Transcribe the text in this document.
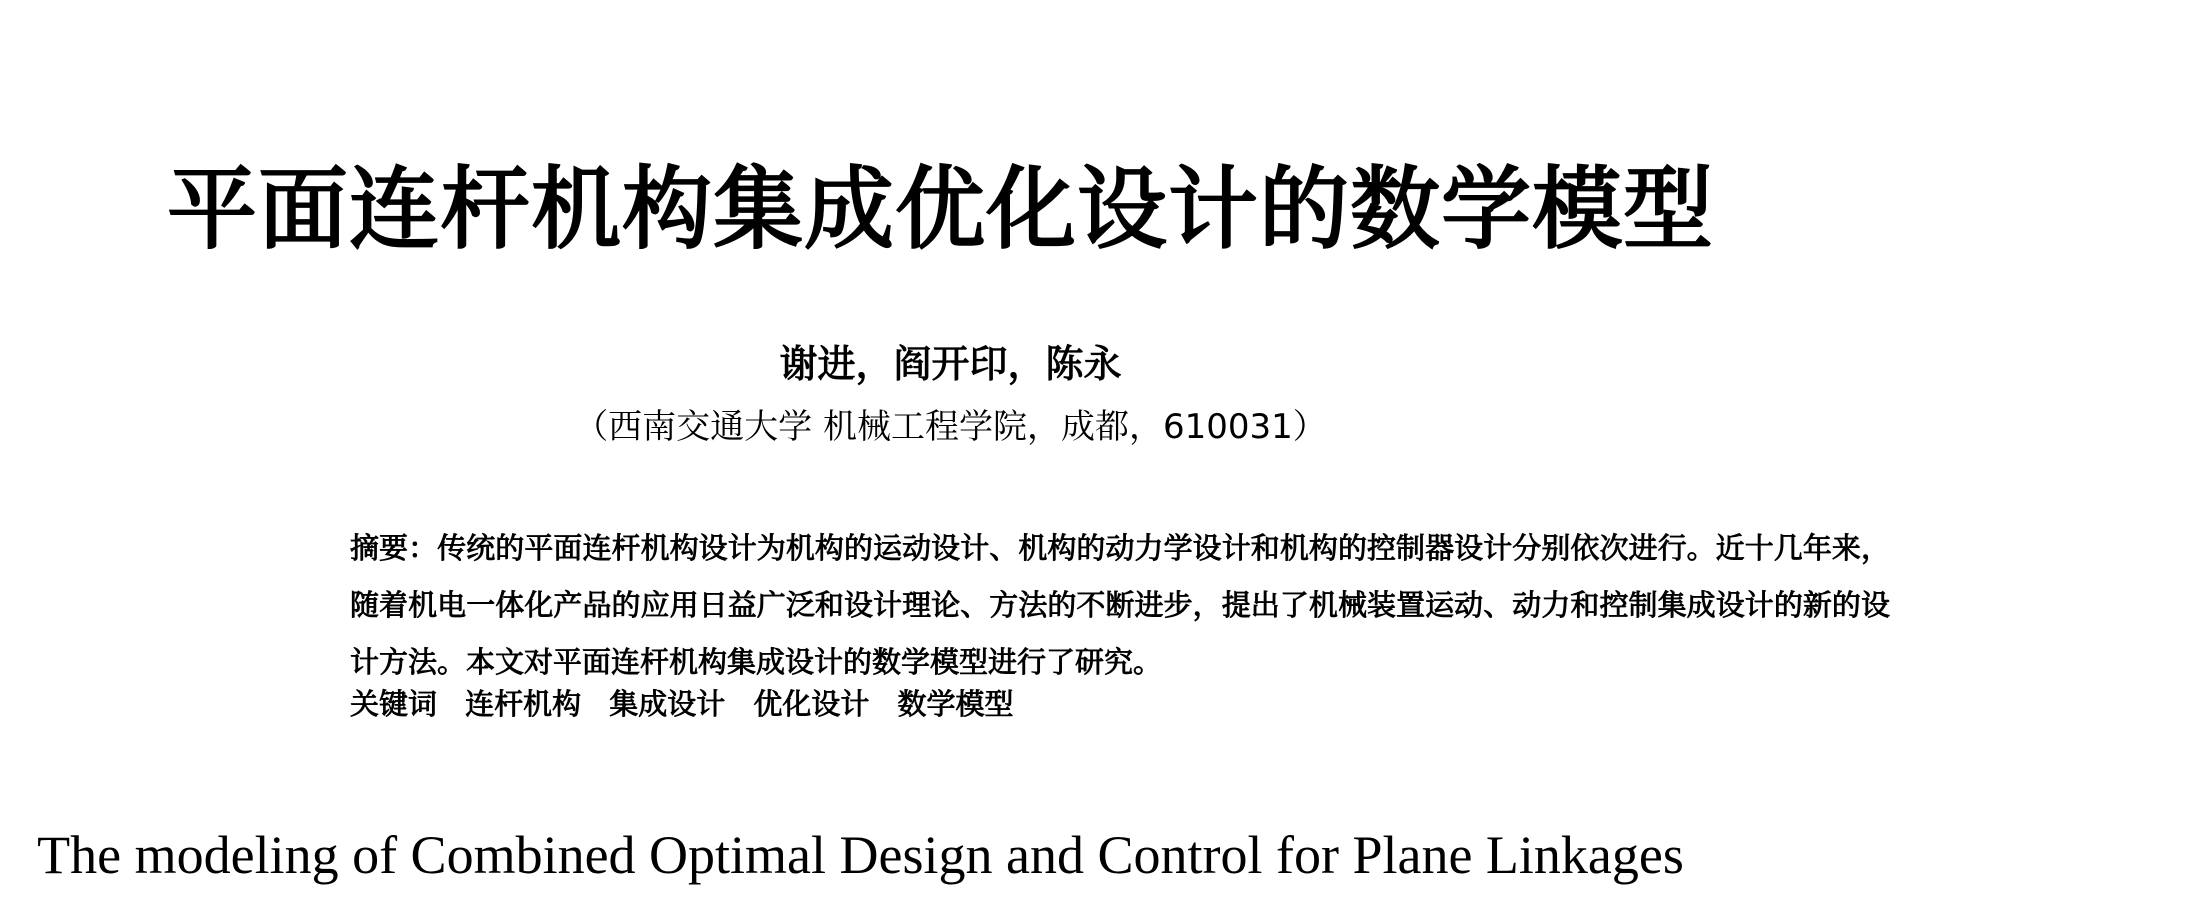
平面连杆机构集成优化设计的数学模型
谢进，阎开印，陈永
（西南交通大学 机械工程学院，成都，610031）
摘要：传统的平面连杆机构设计为机构的运动设计、机构的动力学设计和机构的控制器设计分别依次进行。近十几年来，随着机电一体化产品的应用日益广泛和设计理论、方法的不断进步，提出了机械装置运动、动力和控制集成设计的新的设计方法。本文对平面连杆机构集成设计的数学模型进行了研究。
关键词 连杆机构 集成设计 优化设计 数学模型
The modeling of Combined Optimal Design and Control for Plane Linkages
